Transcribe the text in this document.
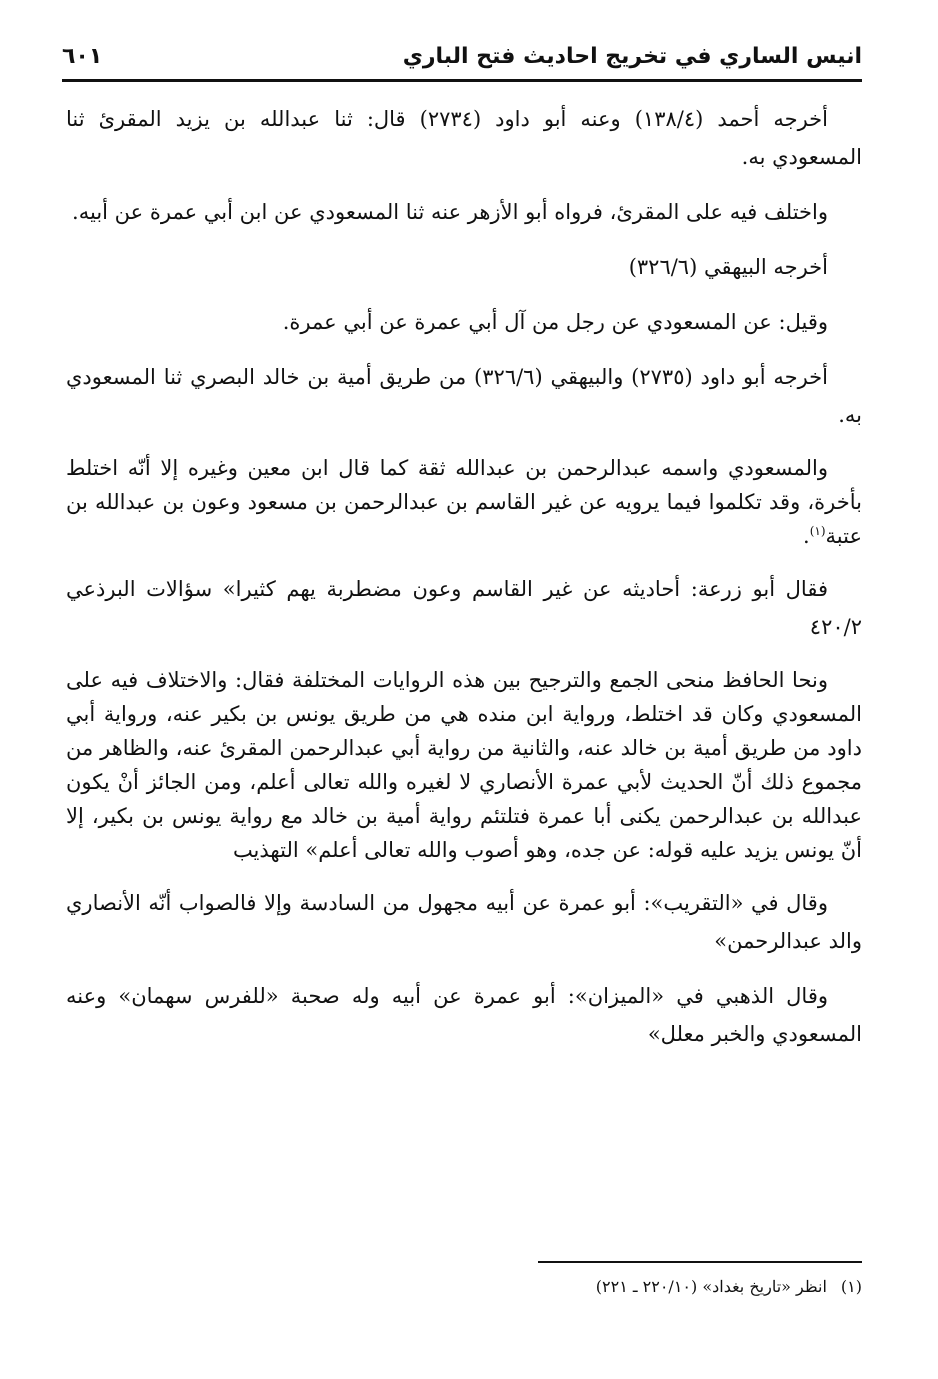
انيس الساري في تخريج احاديث فتح الباري
٦٠١

أخرجه أحمد (١٣٨/٤) وعنه أبو داود (٢٧٣٤) قال: ثنا عبدالله بن يزيد المقرئ ثنا المسعودي به.

واختلف فيه على المقرئ، فرواه أبو الأزهر عنه ثنا المسعودي عن ابن أبي عمرة عن أبيه.

أخرجه البيهقي (٣٢٦/٦)

وقيل: عن المسعودي عن رجل من آل أبي عمرة عن أبي عمرة.

أخرجه أبو داود (٢٧٣٥) والبيهقي (٣٢٦/٦) من طريق أمية بن خالد البصري ثنا المسعودي به.

والمسعودي واسمه عبدالرحمن بن عبدالله ثقة كما قال ابن معين وغيره إلا أنّه اختلط بأخرة، وقد تكلموا فيما يرويه عن غير القاسم بن عبدالرحمن بن مسعود وعون بن عبدالله بن عتبة$^{(١)}$.

فقال أبو زرعة: أحاديثه عن غير القاسم وعون مضطربة يهم كثيرا» سؤالات البرذعي ٤٢٠/٢

ونحا الحافظ منحى الجمع والترجيح بين هذه الروايات المختلفة فقال: والاختلاف فيه على المسعودي وكان قد اختلط، ورواية ابن منده هي من طريق يونس بن بكير عنه، ورواية أبي داود من طريق أمية بن خالد عنه، والثانية من رواية أبي عبدالرحمن المقرئ عنه، والظاهر من مجموع ذلك أنّ الحديث لأبي عمرة الأنصاري لا لغيره والله تعالى أعلم، ومن الجائز أنْ يكون عبدالله بن عبدالرحمن يكنى أبا عمرة فتلتئم رواية أمية بن خالد مع رواية يونس بن بكير، إلا أنّ يونس يزيد عليه قوله: عن جده، وهو أصوب والله تعالى أعلم» التهذيب

وقال في «التقريب»: أبو عمرة عن أبيه مجهول من السادسة وإلا فالصواب أنّه الأنصاري والد عبدالرحمن»

وقال الذهبي في «الميزان»: أبو عمرة عن أبيه وله صحبة «للفرس سهمان» وعنه المسعودي والخبر معلل»

(١)انظر «تاريخ بغداد» (٢٢٠/١٠ ـ ٢٢١)
